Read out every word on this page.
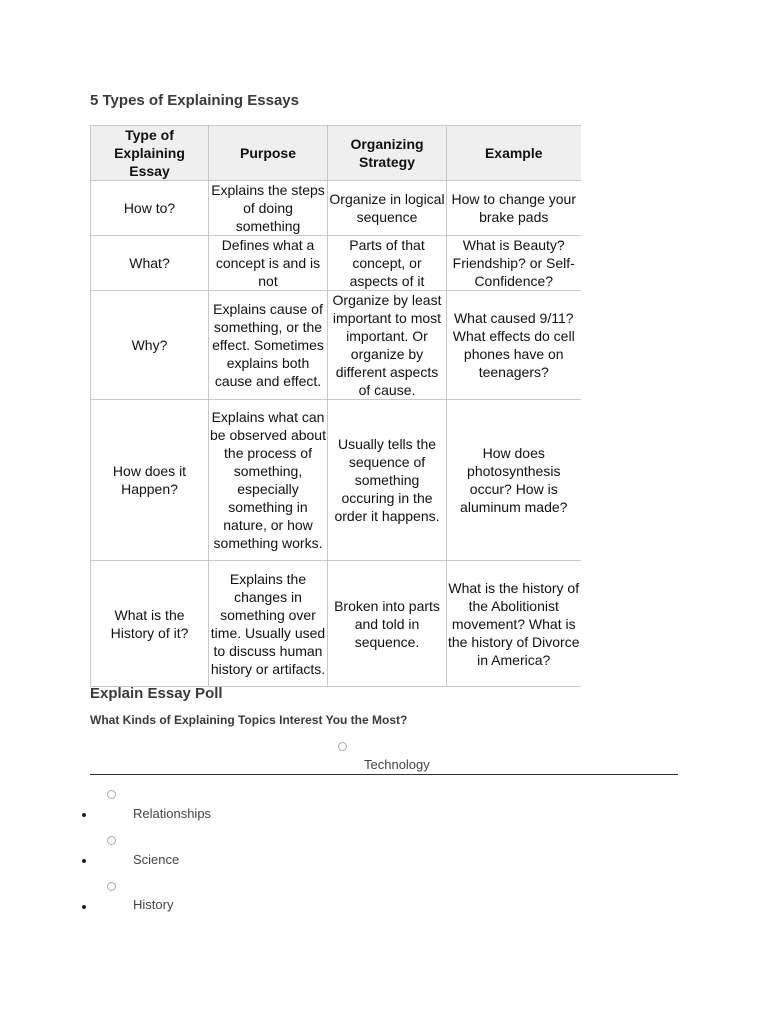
5 Types of Explaining Essays
Type of Explaining Essay	Purpose	Organizing Strategy	Example
How to?	Explains the steps of doing something	Organize in logical sequence	How to change your brake pads
What?	Defines what a concept is and is not	Parts of that concept, or aspects of it	What is Beauty? Friendship? or Self-Confidence?
Why?	Explains cause of something, or the effect. Sometimes explains both cause and effect.	Organize by least important to most important. Or organize by different aspects of cause.	What caused 9/11? What effects do cell phones have on teenagers?
How does it Happen?	Explains what can be observed about the process of something, especially something in nature, or how something works.	Usually tells the sequence of something occuring in the order it happens.	How does photosynthesis occur? How is aluminum made?
What is the History of it?	Explains the changes in something over time. Usually used to discuss human history or artifacts.	Broken into parts and told in sequence.	What is the history of the Abolitionist movement? What is the history of Divorce in America?
Explain Essay Poll

What Kinds of Explaining Topics Interest You the Most?

Technology
Relationships
Science
History
